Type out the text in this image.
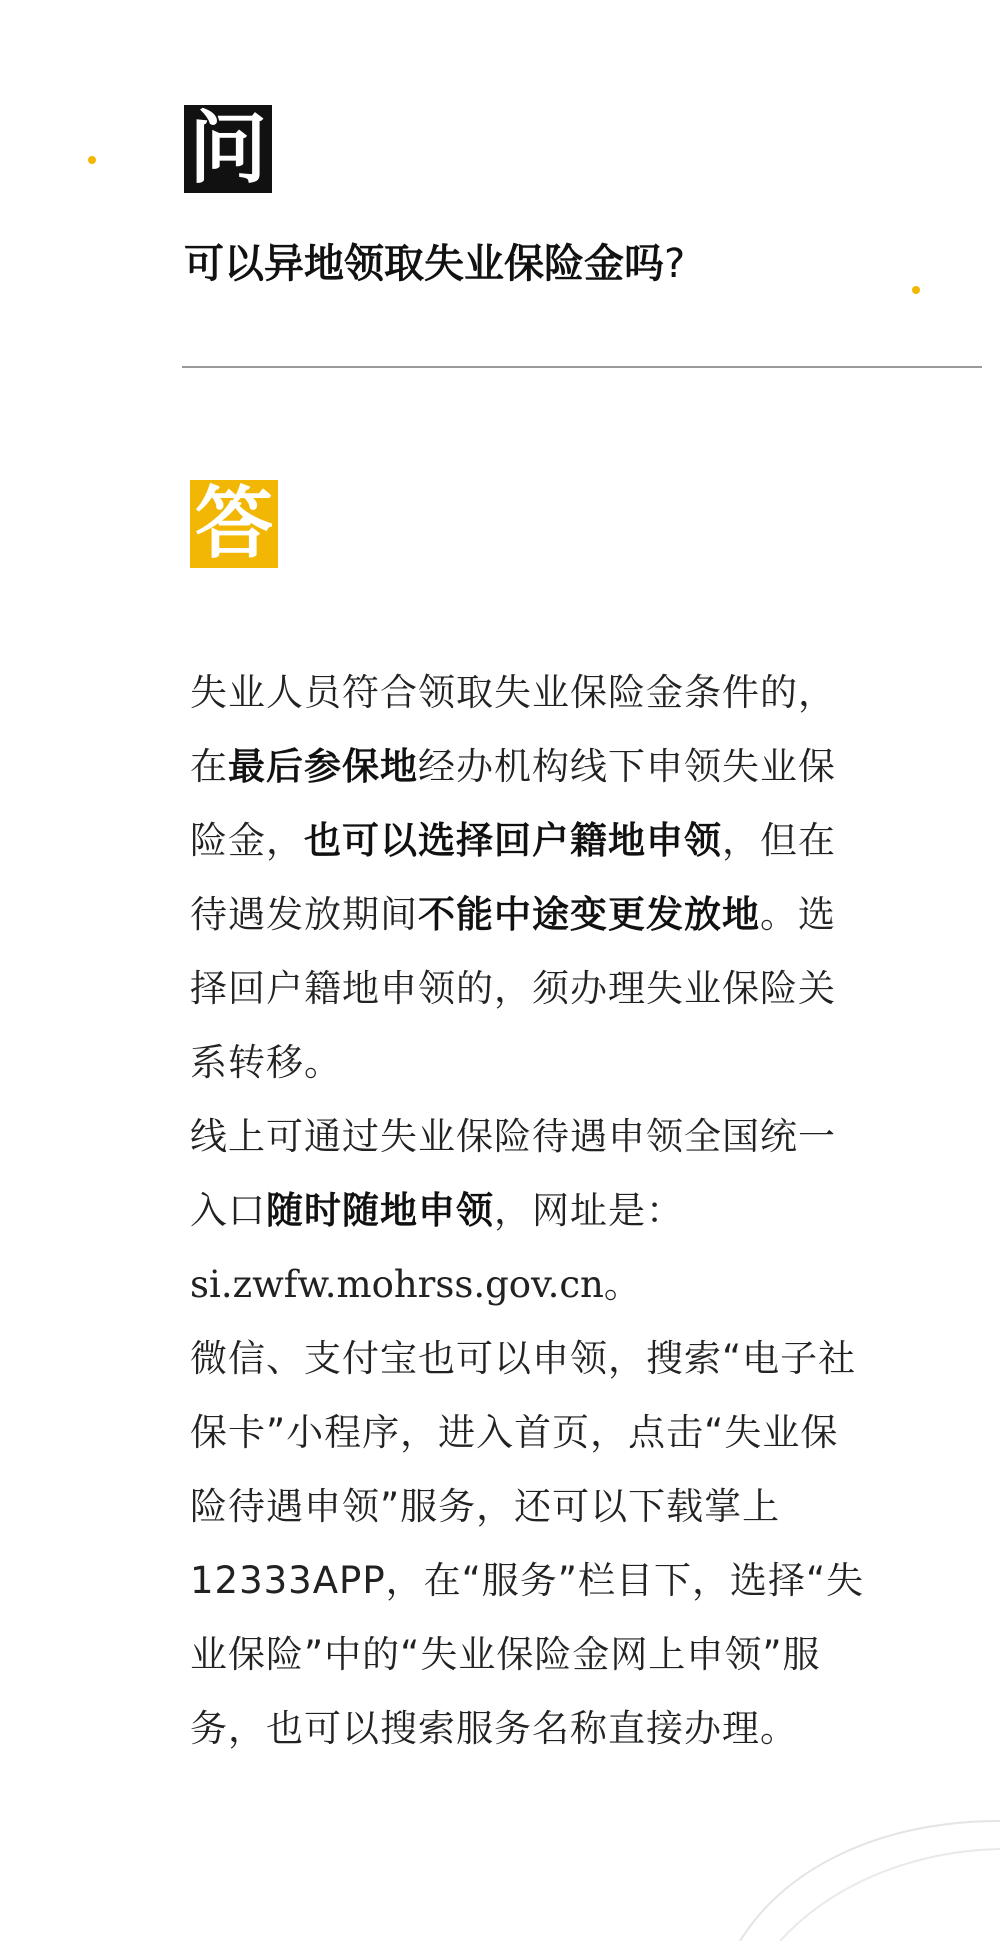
问
可以异地领取失业保险金吗?
答

失业人员符合领取失业保险金条件的，在最后参保地经办机构线下申领失业保险金，也可以选择回户籍地申领，但在待遇发放期间不能中途变更发放地。选择回户籍地申领的，须办理失业保险关系转移。

线上可通过失业保险待遇申领全国统一入口随时随地申领，网址是：
si.zwfw.mohrss.gov.cn。

微信、支付宝也可以申领，搜索“电子社保卡”小程序，进入首页，点击“失业保险待遇申领”服务，还可以下载掌上12333APP，在“服务”栏目下，选择“失业保险”中的“失业保险金网上申领”服务，也可以搜索服务名称直接办理。
